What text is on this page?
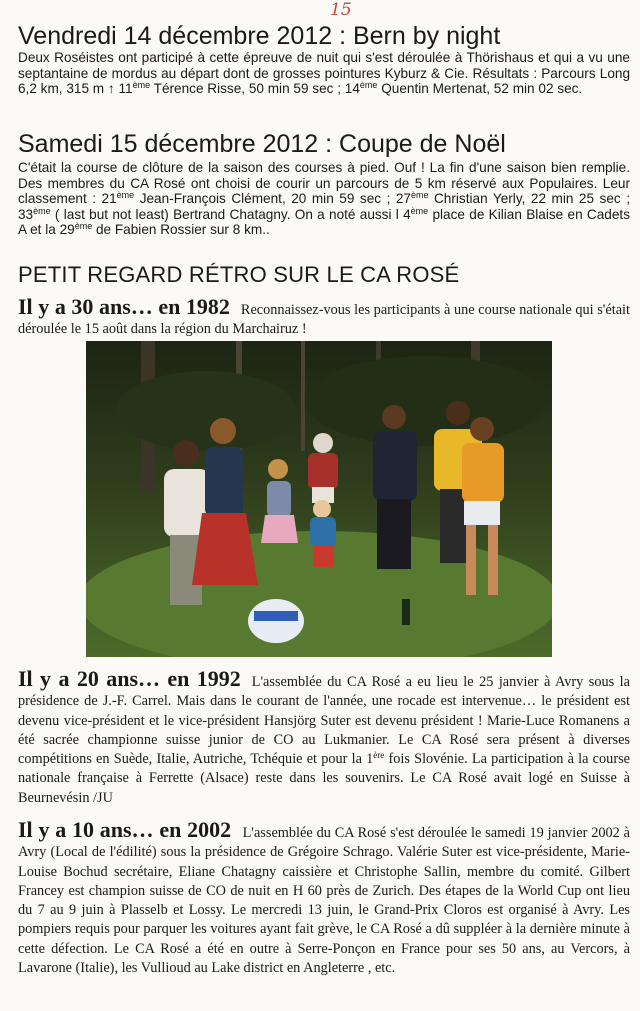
15
Vendredi 14 décembre 2012 : Bern by night

Deux Roséistes ont participé à cette épreuve de nuit qui s'est déroulée à Thörishaus et qui a vu une septantaine de mordus au départ dont de grosses pointures Kyburz & Cie. Résultats : Parcours Long 6,2 km, 315 m ↑ 11ème Térence Risse, 50 min 59 sec ; 14ème Quentin Mertenat, 52 min 02 sec.

Samedi 15 décembre 2012 : Coupe de Noël

C'était la course de clôture de la saison des courses à pied. Ouf ! La fin d'une saison bien remplie. Des membres du CA Rosé ont choisi de courir un parcours de 5 km réservé aux Populaires. Leur classement : 21ème Jean-François Clément, 20 min 59 sec ; 27ème Christian Yerly, 22 min 25 sec ; 33ème ( last but not least) Bertrand Chatagny. On a noté aussi l 4ème place de Kilian Blaise en Cadets A et la 29ème de Fabien Rossier sur 8 km..

PETIT REGARD RÉTRO SUR LE CA ROSÉ

Il y a 30 ans… en 1982 Reconnaissez-vous les participants à une course nationale qui s'était déroulée le 15 août dans la région du Marchairuz !

Il y a 20 ans… en 1992 L'assemblée du CA Rosé a eu lieu le 25 janvier à Avry sous la présidence de J.-F. Carrel. Mais dans le courant de l'année, une rocade est intervenue… le président est devenu vice-président et le vice-président Hansjörg Suter est devenu président ! Marie-Luce Romanens a été sacrée championne suisse junior de CO au Lukmanier. Le CA Rosé sera présent à diverses compétitions en Suède, Italie, Autriche, Tchéquie et pour la 1ère fois Slovénie. La participation à la course nationale française à Ferrette (Alsace) reste dans les souvenirs. Le CA Rosé avait logé en Suisse à Beurnevésin /JU

Il y a 10 ans… en 2002 L'assemblée du CA Rosé s'est déroulée le samedi 19 janvier 2002 à Avry (Local de l'édilité) sous la présidence de Grégoire Schrago. Valérie Suter est vice-présidente, Marie-Louise Bochud secrétaire, Eliane Chatagny caissière et Christophe Sallin, membre du comité. Gilbert Francey est champion suisse de CO de nuit en H 60 près de Zurich. Des étapes de la World Cup ont lieu du 7 au 9 juin à Plasselb et Lossy. Le mercredi 13 juin, le Grand-Prix Cloros est organisé à Avry. Les pompiers requis pour parquer les voitures ayant fait grève, le CA Rosé a dû suppléer à la dernière minute à cette défection. Le CA Rosé a été en outre à Serre-Ponçon en France pour ses 50 ans, au Vercors, à Lavarone (Italie), les Vullioud au Lake district en Angleterre , etc.
